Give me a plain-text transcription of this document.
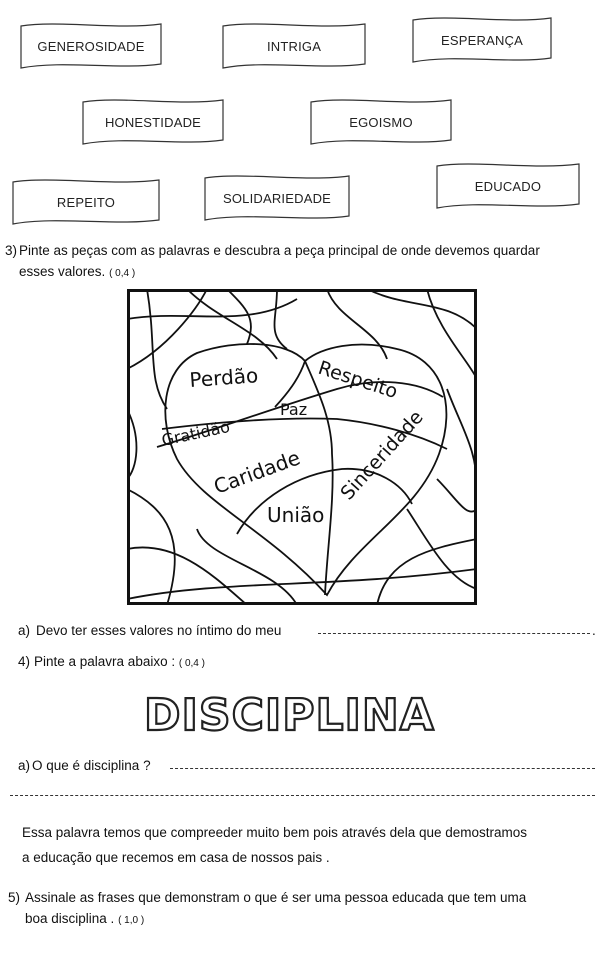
GENEROSIDADE	INTRIGA	ESPERANÇA
HONESTIDADE	EGOISMO
REPEITO	SOLIDARIEDADE
EDUCADO
3) Pinte as peças com as palavras e descubra a peça principal de onde devemos quardar
esses valores. ( 0,4 )
Perdão	Respeito
Paz
Gratidão
Caridade Sinceridade
União
a) Devo ter esses valores no íntimo do meu	.
4) Pinte a palavra abaixo : ( 0,4 )
DISCIPLINA
a) O que é disciplina ?
Essa palavra temos que compreeder muito bem pois através dela que demostramos
a educação que recemos em casa de nossos pais .
5) Assinale as frases que demonstram o que é ser uma pessoa educada que tem uma
boa disciplina . ( 1,0 )
